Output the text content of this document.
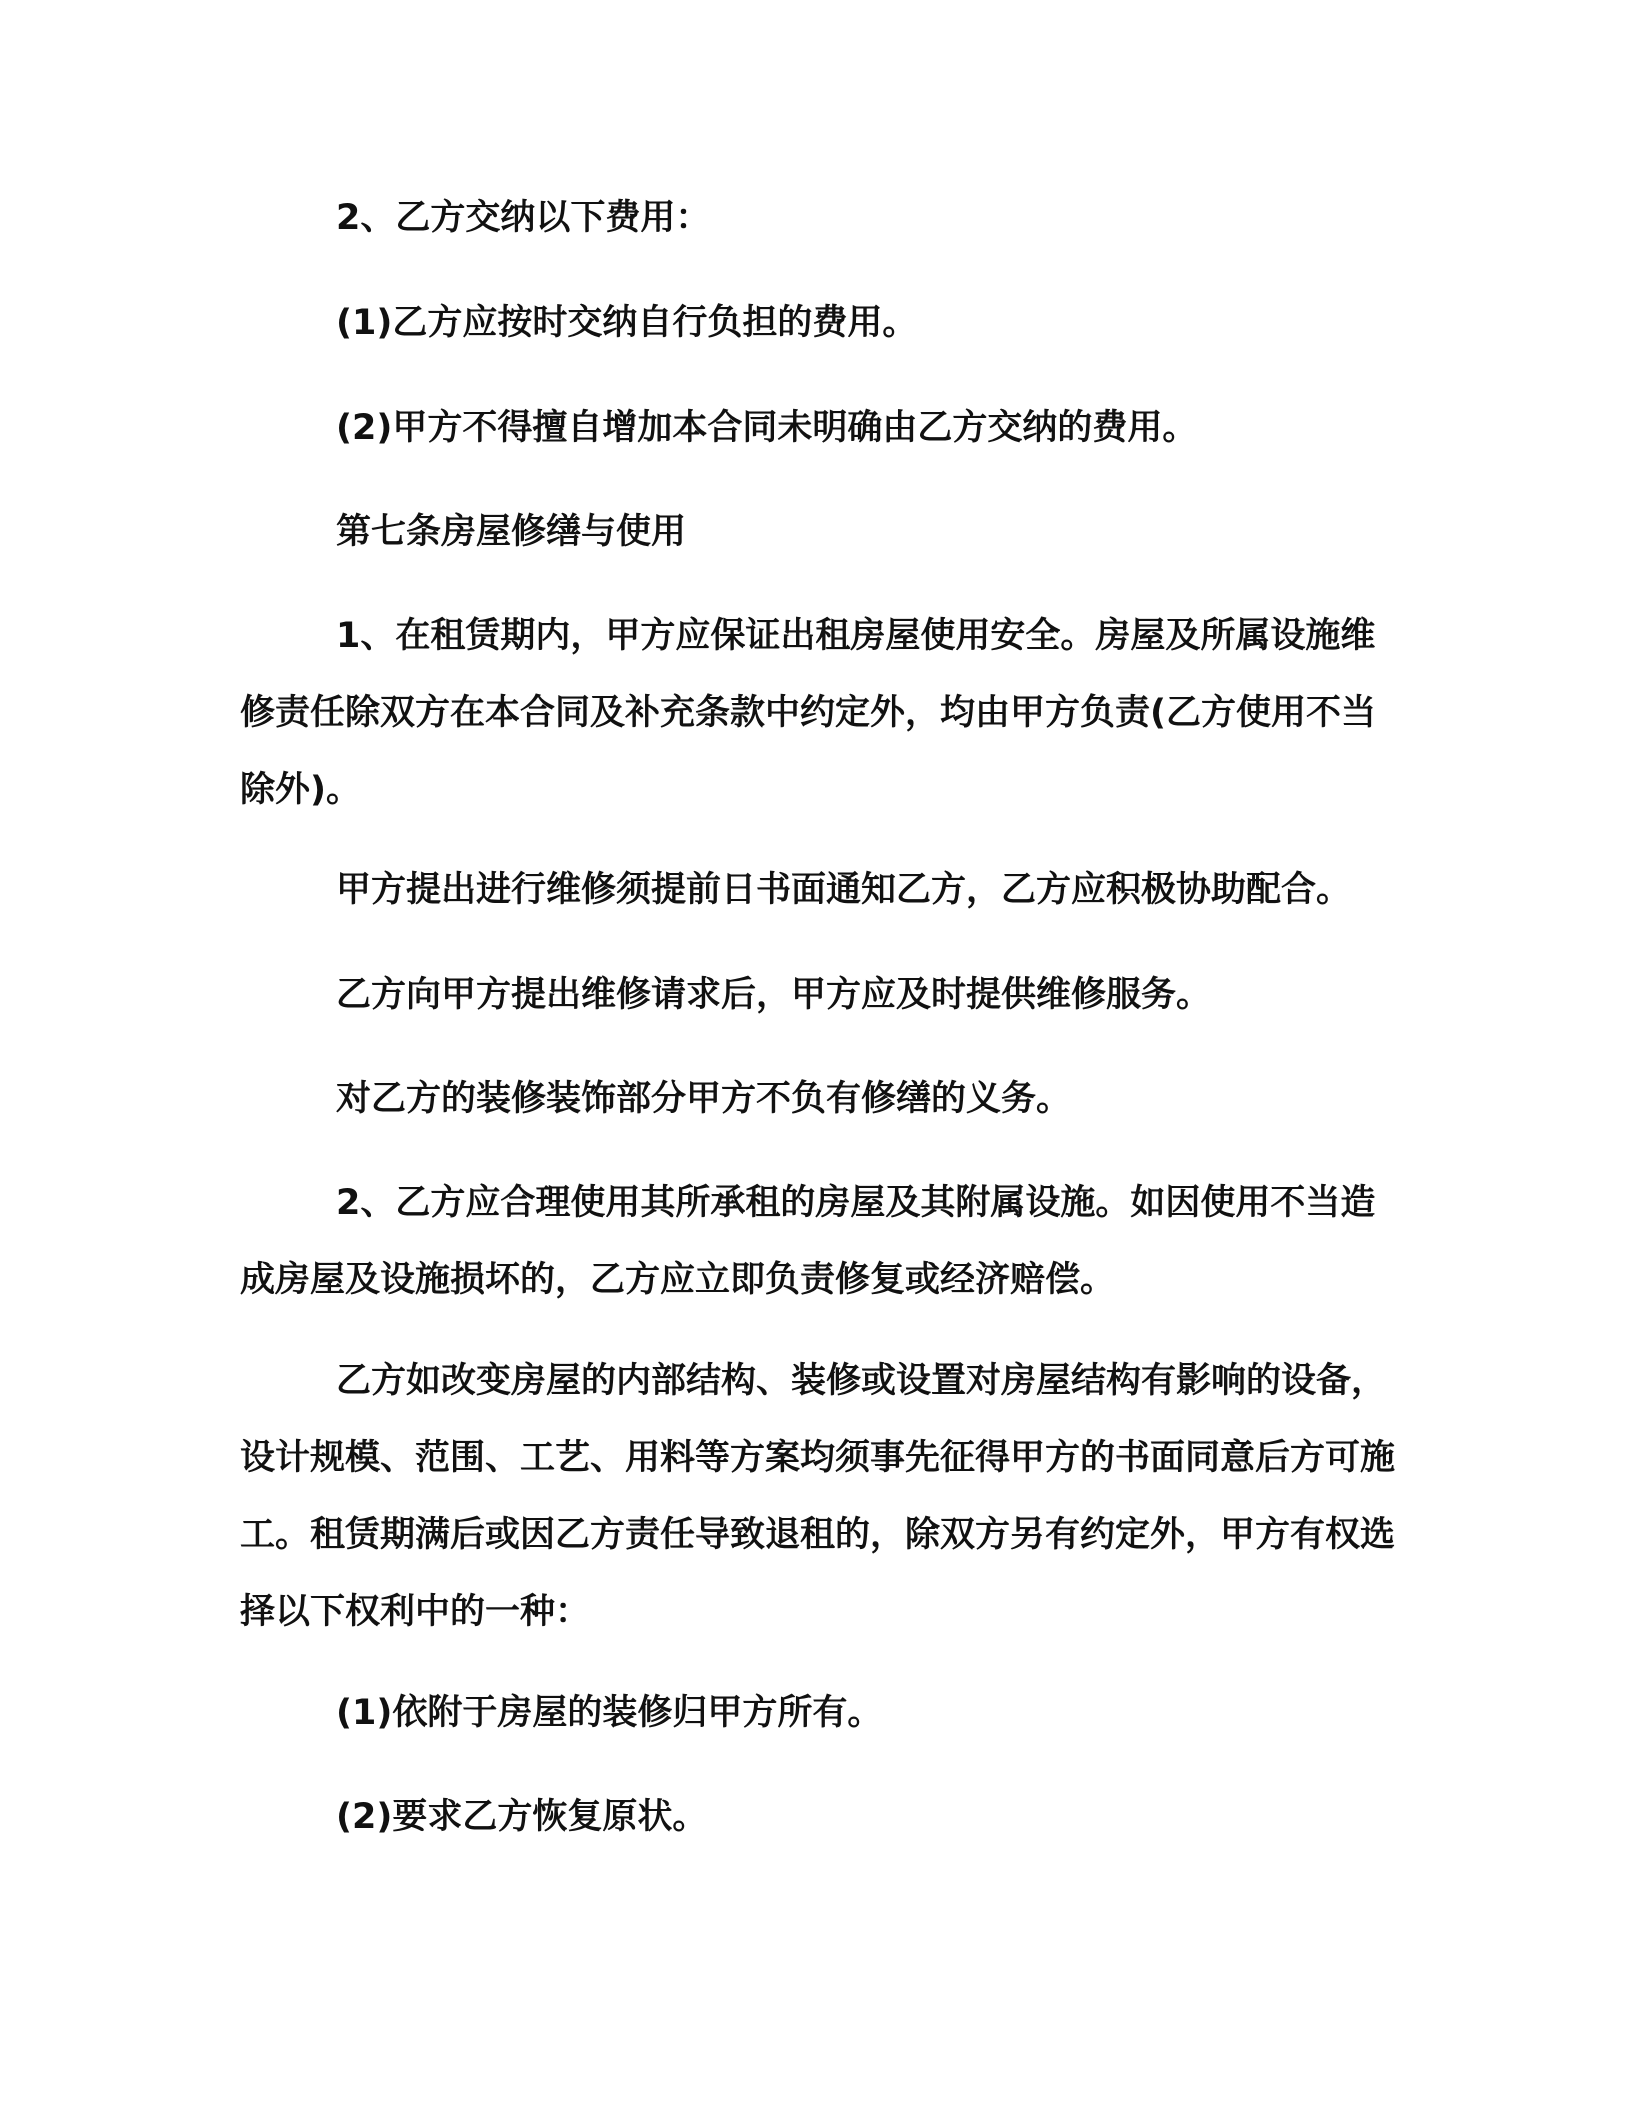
2、乙方交纳以下费用：

(1)乙方应按时交纳自行负担的费用。

(2)甲方不得擅自增加本合同未明确由乙方交纳的费用。

第七条房屋修缮与使用

1、在租赁期内，甲方应保证出租房屋使用安全。房屋及所属设施维修责任除双方在本合同及补充条款中约定外，均由甲方负责(乙方使用不当除外)。

甲方提出进行维修须提前日书面通知乙方，乙方应积极协助配合。

乙方向甲方提出维修请求后，甲方应及时提供维修服务。

对乙方的装修装饰部分甲方不负有修缮的义务。

2、乙方应合理使用其所承租的房屋及其附属设施。如因使用不当造成房屋及设施损坏的，乙方应立即负责修复或经济赔偿。

乙方如改变房屋的内部结构、装修或设置对房屋结构有影响的设备，设计规模、范围、工艺、用料等方案均须事先征得甲方的书面同意后方可施工。租赁期满后或因乙方责任导致退租的，除双方另有约定外，甲方有权选择以下权利中的一种：

(1)依附于房屋的装修归甲方所有。

(2)要求乙方恢复原状。
